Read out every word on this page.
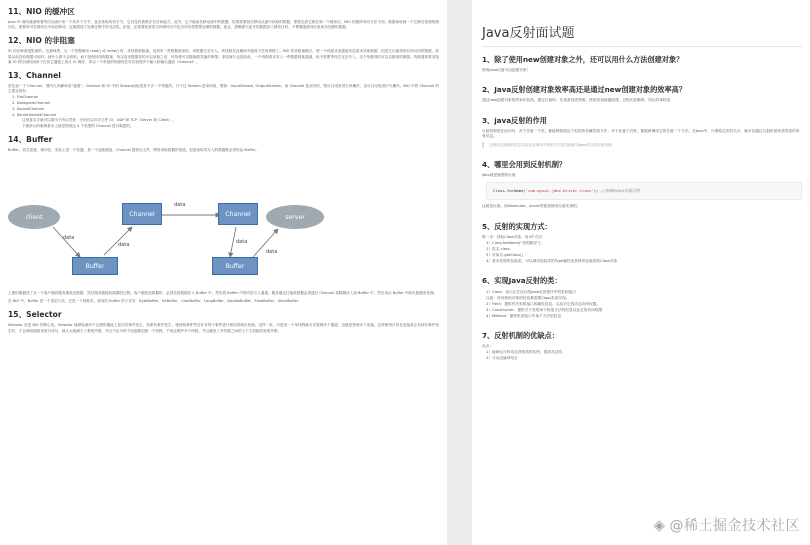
11、NIO 的缓冲区
Java IO 面向流意味着每次从流中读一个或多个字节，直至读取所有字节，它们没有被缓存在任何地方。此外，它不能前后移动流中的数据。如果需要前后移动从流中读取的数据，需要先将它缓存到一个缓冲区。NIO 的缓冲导向方法不同。数据读取到一个它稍后处理的缓冲区，需要时可在缓冲区中前后移动。这就增加了处理过程中的灵活性。但是，还需要检查是否该缓冲区中包含所有您需要处理的数据。而且，需确保当更多的数据读入缓冲区时，不要覆盖缓冲区里尚未处理的数据。
12、NIO 的非阻塞
IO 的各种流是阻塞的。这意味着，当一个线程调用 read() 或 write() 时，该线程被阻塞，直到有一些数据被读取，或数据完全写入。该线程在此期间不能再干任何事情了。NIO 的非阻塞模式，使一个线程从某通道发送请求读取数据，但是它仅能得到目前可用的数据，如果目前没有数据可用时，就什么都不会获取。而不是保持线程阻塞，所以直至数据变的可以读取之前，该线程可以继续做其他的事情。非阻塞写也是如此。一个线程请求写入一些数据到某通道，但不需要等待它完全写入，这个线程同时可以去做别的事情。线程通常将非阻塞 IO 的空闲时间用于在其它通道上执行 IO 操作，所以一个单独的线程现在可以管理多个输入和输出通道（channel）。
13、Channel
首先说一下 Channel，国内大多翻译成“通道”。Channel 和 IO 中的 Stream(流)是差不多一个等级的。只不过 Stream 是单向的，譬如：InputStream, OutputStream，而 Channel 是双向的，既可以用来进行读操作，也可以用来进行写操作。NIO 中的 Channel 的主要实现有：
1. FileChannel
2. DatagramChannel
3. SocketChannel
4. ServerSocketChannel
这里看名字就可以猜出个所以然来：分别可以对应文件 IO、UDP 和 TCP（Server 和 Client）。
下面演示的案例基本上就是围绕这 4 个类型的 Channel 进行陈述的。
14、Buffer
Buffer，故名思意，缓冲区，实际上是一个容器，是一个连续数组。Channel 提供从文件、网络读取数据的渠道，但是读取或写入的数据都必须经由 Buffer。
client	Channel	Channel	server
Buffer	Buffer
data
data
data
data
data
上面的图描述了从一个客户端向服务端发送数据，然后服务端接收数据的过程。客户端发送数据时，必须先将数据存入 Buffer 中，然后将 Buffer 中的内容写入通道。服务端这边接收数据必须通过 Channel 将数据读入到 Buffer 中，然后再从 Buffer 中取出数据来处理。
在 NIO 中，Buffer 是一个顶层父类，它是一个抽象类，常用的 Buffer 的子类有：ByteBuffer、IntBuffer、CharBuffer、LongBuffer、DoubleBuffer、FloatBuffer、ShortBuffer
15、Selector
Selector 类是 NIO 的核心类，Selector 能够检测多个注册的通道上是否有事件发生，如果有事件发生，便获取事件然后针对每个事件进行相应的响应处理。这样一来，只是用一个单线程就可以管理多个通道，也就是管理多个连接。这样使得只有在连接真正有读写事件发生时，才会调用函数来进行读写，就大大地减少了系统开销，并且不必为每个连接都创建一个线程，不用去维护多个线程，并且避免了多线程之间的上下文切换导致的开销。
Java反射面试题
1、除了使用new创建对象之外，还可以用什么方法创建对象？
使用Java反射可以创建对象！
2、Java反射创建对象效率高还是通过new创建对象的效率高？
通过new创建对象的效率比较高。通过反射时，先找查找类资源，使用类加载器创建，过程比较繁琐，所以效率较低
3、java反射的作用
反射机制是在运行时，对于任意一个类，都能够知道这个类的所有属性和方法；对于任意个对象，都能够调用它的任意一个方法。在Java中，只要给定类的名字，就可以通过反射机制来获得类的所有信息。
这种动态获取的信息以及动态调用对象的方法的功能称为Java语言的反射机制。
4、哪里会用到反射机制？
jdbc就是典型的反射
Class.forName('com.mysql.jdbc.Driver.class'); //加载MySQL的驱动类
这就是反射。如hibernate，struts等框架使用反射实现的。
5、反射的实现方式：
第一步：获取Class对象，有4中方法：
1）Class.forName(“类的路径”)；
2）类名.class
3）对象名.getClass()
4）基本类型的包装类，可以调用包装类的Type属性来获得该包装类的Class对象
6、实现Java反射的类：
1）Class：表示正在运行的Java应用程序中的类和接口
注意：所有获取对象的信息都需要Class类来实现。
2）Field：提供有关类和接口的属性信息，以及对它的动态访问权限。
3）Constructor：提供关于类的单个构造方法的信息以及它的访问权限
4）Method：提供类或接口中某个方法的信息
7、反射机制的优缺点：
优点：
1）能够运行时动态获取类的实例，提高灵活性；
2）与动态编译结合
◈ @稀土掘金技术社区
